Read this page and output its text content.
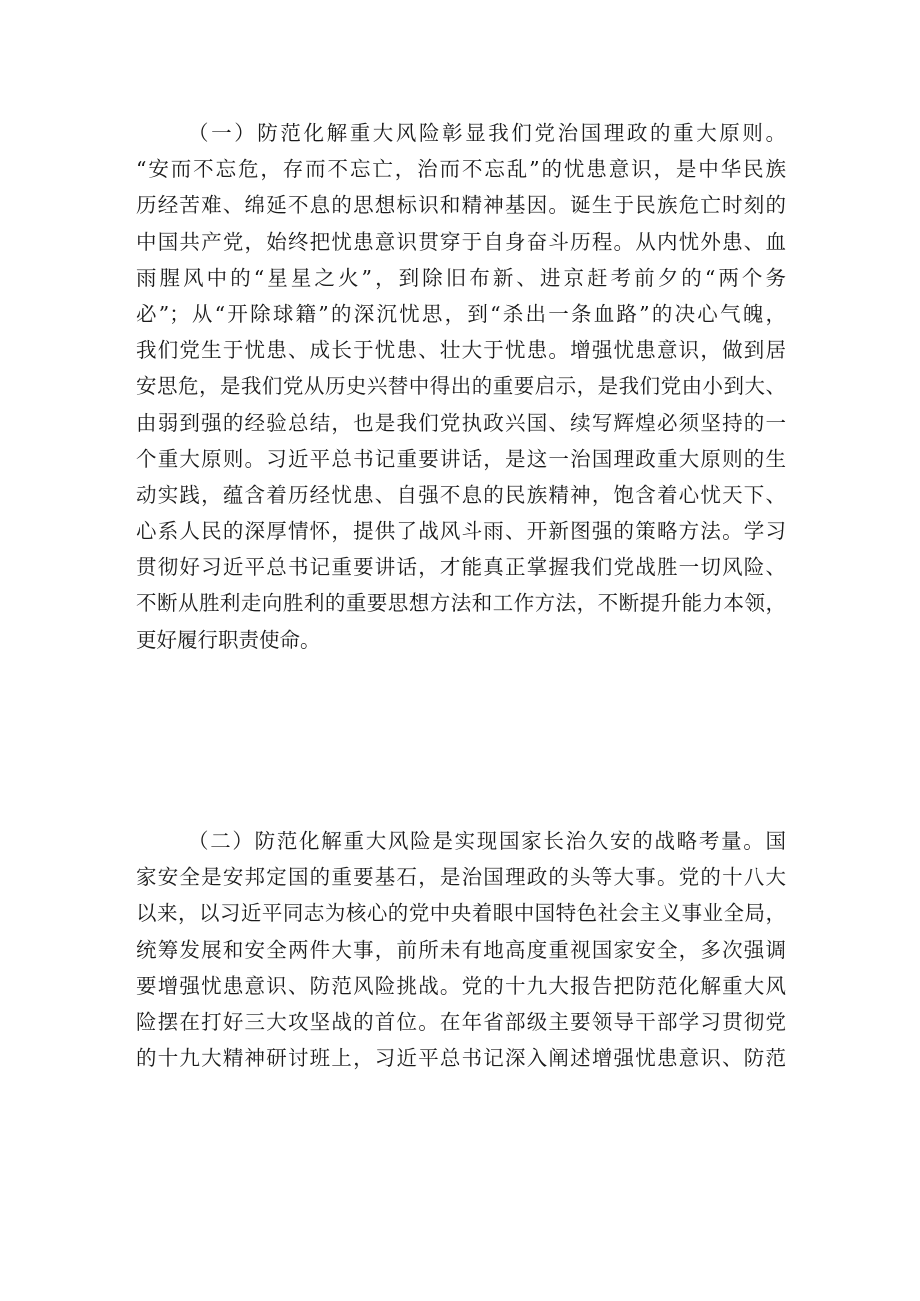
（一）防范化解重大风险彰显我们党治国理政的重大原则。
“安而不忘危，存而不忘亡，治而不忘乱”的忧患意识，是中华民族
历经苦难、绵延不息的思想标识和精神基因。诞生于民族危亡时刻的
中国共产党，始终把忧患意识贯穿于自身奋斗历程。从内忧外患、血
雨腥风中的“星星之火”，到除旧布新、进京赶考前夕的“两个务
必”；从“开除球籍”的深沉忧思，到“杀出一条血路”的决心气魄，
我们党生于忧患、成长于忧患、壮大于忧患。增强忧患意识，做到居
安思危，是我们党从历史兴替中得出的重要启示，是我们党由小到大、
由弱到强的经验总结，也是我们党执政兴国、续写辉煌必须坚持的一
个重大原则。习近平总书记重要讲话，是这一治国理政重大原则的生
动实践，蕴含着历经忧患、自强不息的民族精神，饱含着心忧天下、
心系人民的深厚情怀，提供了战风斗雨、开新图强的策略方法。学习
贯彻好习近平总书记重要讲话，才能真正掌握我们党战胜一切风险、
不断从胜利走向胜利的重要思想方法和工作方法，不断提升能力本领，
更好履行职责使命。
（二）防范化解重大风险是实现国家长治久安的战略考量。国
家安全是安邦定国的重要基石，是治国理政的头等大事。党的十八大
以来，以习近平同志为核心的党中央着眼中国特色社会主义事业全局，
统筹发展和安全两件大事，前所未有地高度重视国家安全，多次强调
要增强忧患意识、防范风险挑战。党的十九大报告把防范化解重大风
险摆在打好三大攻坚战的首位。在年省部级主要领导干部学习贯彻党
的十九大精神研讨班上，习近平总书记深入阐述增强忧患意识、防范
